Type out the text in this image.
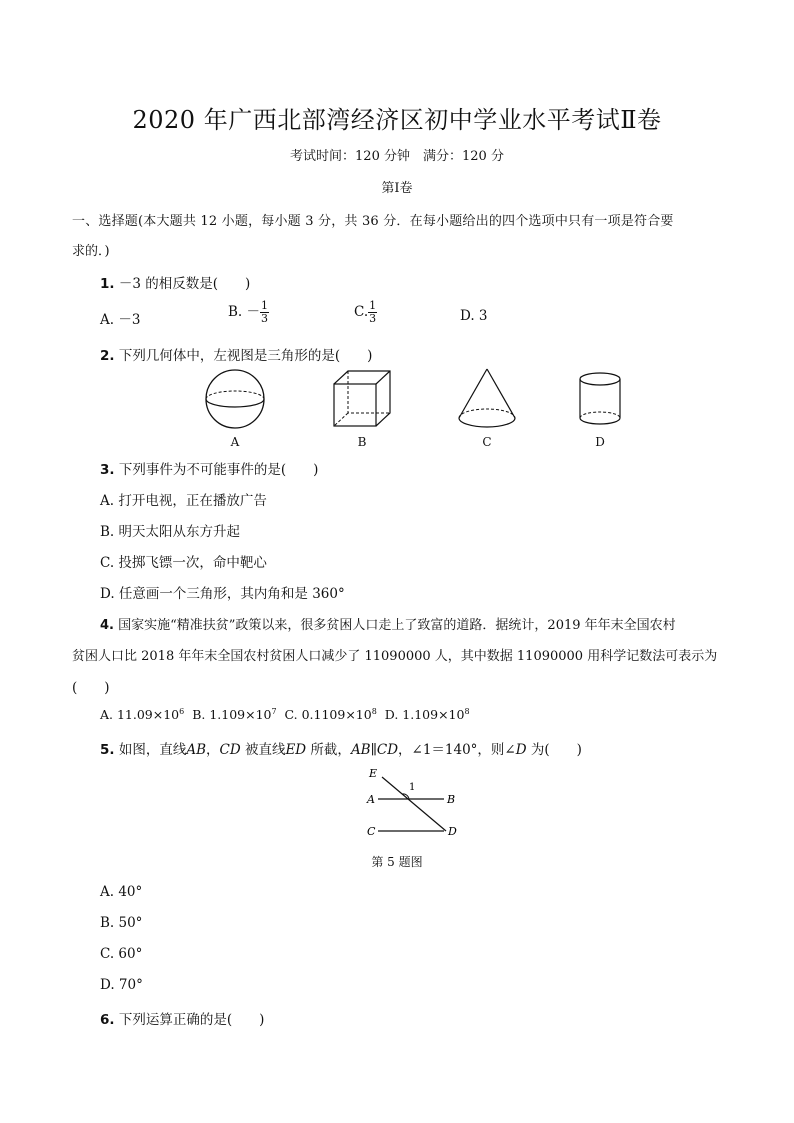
2020 年广西北部湾经济区初中学业水平考试Ⅱ卷
考试时间：120 分钟　 满分：120 分
第Ⅰ卷
一、选择题(本大题共 12 小题，每小题 3 分，共 36 分．在每小题给出的四个选项中只有一项是符合要
求的．)
1. －3 的相反数是(　　)
A. －3	B. － $\frac{1}{3}$	C. $\frac{1}{3}$	D. 3
2. 下列几何体中，左视图是三角形的是(　　)
A	B	C	D
3. 下列事件为不可能事件的是(　　)
A. 打开电视，正在播放广告
B. 明天太阳从东方升起
C. 投掷飞镖一次，命中靶心
D. 任意画一个三角形，其内角和是 360°
4. 国家实施“精准扶贫”政策以来，很多贫困人口走上了致富的道路．据统计，2019 年年末全国农村
贫困人口比 2018 年年末全国农村贫困人口减少了 11090000 人，其中数据 11090000 用科学记数法可表示为
(　　)
A. $11.09\times 10^6$ B. $1.109\times 10^7$ C. $0.1109\times 10^8$ D. $1.109\times 10^8$
5. 如图，直线AB，CD 被直线ED 所截，AB∥CD，∠1＝140°，则∠D 为(　　)
E
A	B
C	D
1
第 5 题图
A. 40°
B. 50°
C. 60°
D. 70°
6. 下列运算正确的是(　　)
